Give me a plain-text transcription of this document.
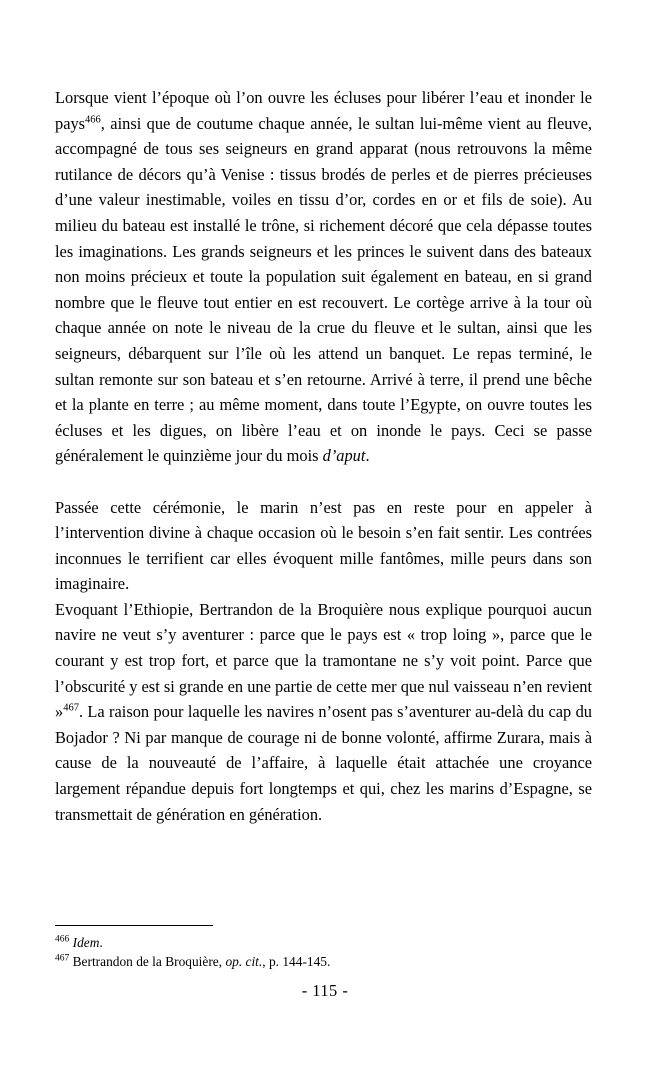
Lorsque vient l’époque où l’on ouvre les écluses pour libérer l’eau et inonder le pays$^{466}$, ainsi que de coutume chaque année, le sultan lui-même vient au fleuve, accompagné de tous ses seigneurs en grand apparat (nous retrouvons la même rutilance de décors qu’à Venise : tissus brodés de perles et de pierres précieuses d’une valeur inestimable, voiles en tissu d’or, cordes en or et fils de soie). Au milieu du bateau est installé le trône, si richement décoré que cela dépasse toutes les imaginations. Les grands seigneurs et les princes le suivent dans des bateaux non moins précieux et toute la population suit également en bateau, en si grand nombre que le fleuve tout entier en est recouvert. Le cortège arrive à la tour où chaque année on note le niveau de la crue du fleuve et le sultan, ainsi que les seigneurs, débarquent sur l’île où les attend un banquet. Le repas terminé, le sultan remonte sur son bateau et s’en retourne. Arrivé à terre, il prend une bêche et la plante en terre ; au même moment, dans toute l’Egypte, on ouvre toutes les écluses et les digues, on libère l’eau et on inonde le pays. Ceci se passe généralement le quinzième jour du mois d’aput.

Passée cette cérémonie, le marin n’est pas en reste pour en appeler à l’intervention divine à chaque occasion où le besoin s’en fait sentir. Les contrées inconnues le terrifient car elles évoquent mille fantômes, mille peurs dans son imaginaire.

Evoquant l’Ethiopie, Bertrandon de la Broquière nous explique pourquoi aucun navire ne veut s’y aventurer : parce que le pays est « trop loing », parce que le courant y est trop fort, et parce que la tramontane ne s’y voit point. Parce que l’obscurité y est si grande en une partie de cette mer que nul vaisseau n’en revient »$^{467}$. La raison pour laquelle les navires n’osent pas s’aventurer au-delà du cap du Bojador ? Ni par manque de courage ni de bonne volonté, affirme Zurara, mais à cause de la nouveauté de l’affaire, à laquelle était attachée une croyance largement répandue depuis fort longtemps et qui, chez les marins d’Espagne, se transmettait de génération en génération.

$^{466}$ Idem.

$^{467}$ Bertrandon de la Broquière, op. cit., p. 144-145.

- 115 -
